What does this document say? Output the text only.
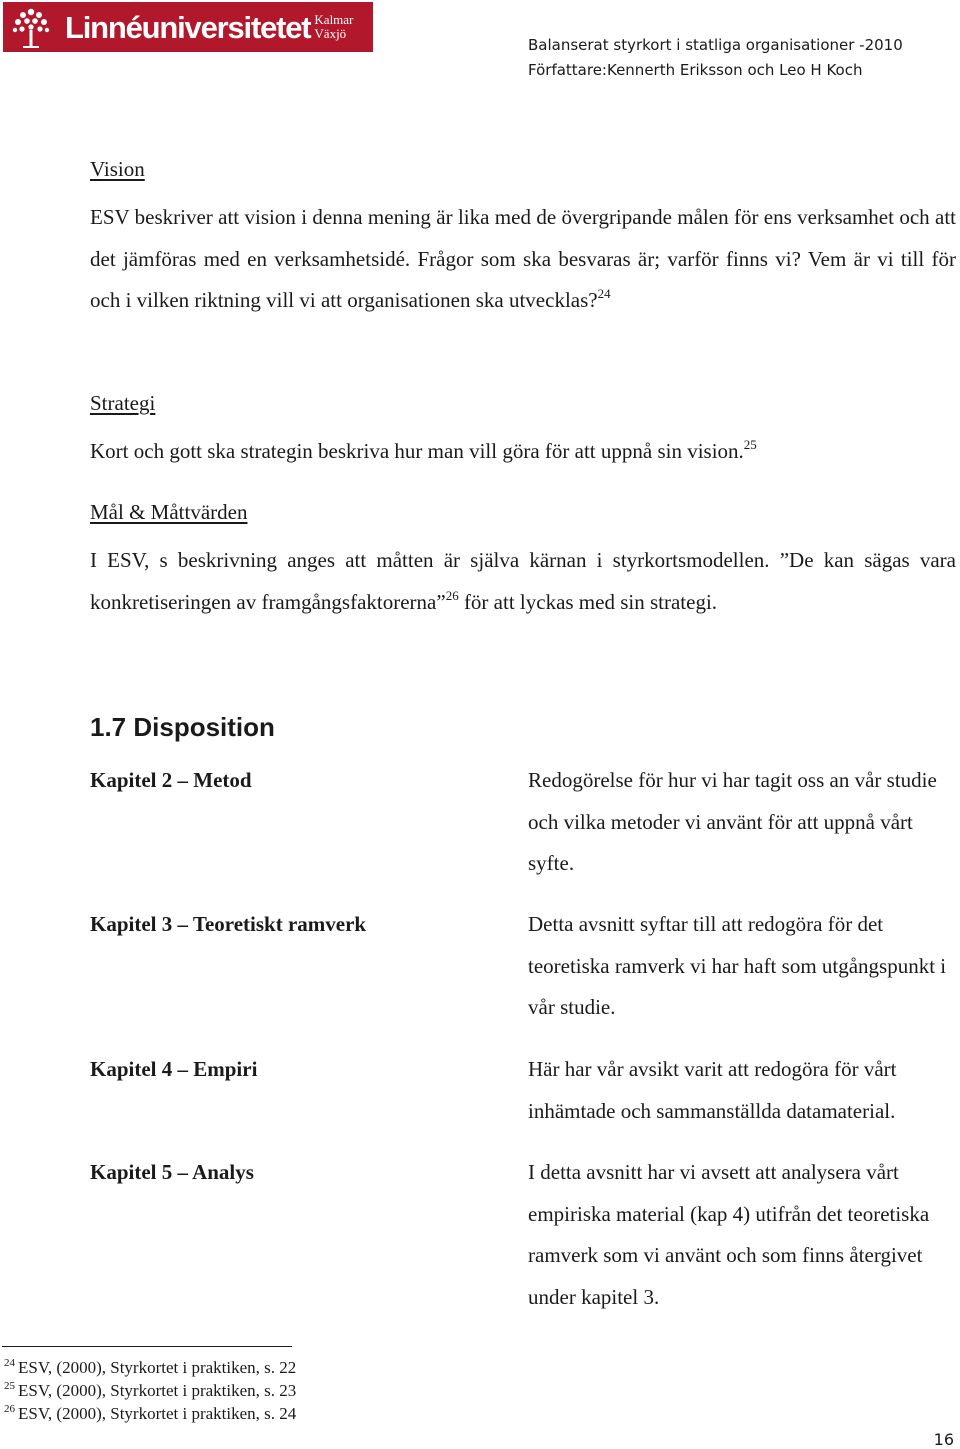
Linnéuniversitetet Kalmar
Växjö
Balanserat styrkort i statliga organisationer -2010
Författare:Kennerth Eriksson och Leo H Koch
Vision
ESV beskriver att vision i denna mening är lika med de övergripande målen för ens verksamhet och att det jämföras med en verksamhetsidé. Frågor som ska besvaras är; varför finns vi? Vem är vi till för och i vilken riktning vill vi att organisationen ska utvecklas?$^{24}$
Strategi
Kort och gott ska strategin beskriva hur man vill göra för att uppnå sin vision.$^{25}$
Mål & Måttvärden
I ESV, s beskrivning anges att måtten är själva kärnan i styrkortsmodellen. ”De kan sägas vara konkretiseringen av framgångsfaktorerna”$^{26}$ för att lyckas med sin strategi.
1.7 Disposition
Kapitel 2 – Metod	Redogörelse för hur vi har tagit oss an vår studie och vilka metoder vi använt för att uppnå vårt syfte.
Kapitel 3 – Teoretiskt ramverk	Detta avsnitt syftar till att redogöra för det teoretiska ramverk vi har haft som utgångspunkt i vår studie.
Kapitel 4 – Empiri	Här har vår avsikt varit att redogöra för vårt inhämtade och sammanställda datamaterial.
Kapitel 5 – Analys	I detta avsnitt har vi avsett att analysera vårt empiriska material (kap 4) utifrån det teoretiska ramverk som vi använt och som finns återgivet under kapitel 3.
$^{24}$ ESV, (2000), Styrkortet i praktiken, s. 22
$^{25}$ ESV, (2000), Styrkortet i praktiken, s. 23
$^{26}$ ESV, (2000), Styrkortet i praktiken, s. 24
16
